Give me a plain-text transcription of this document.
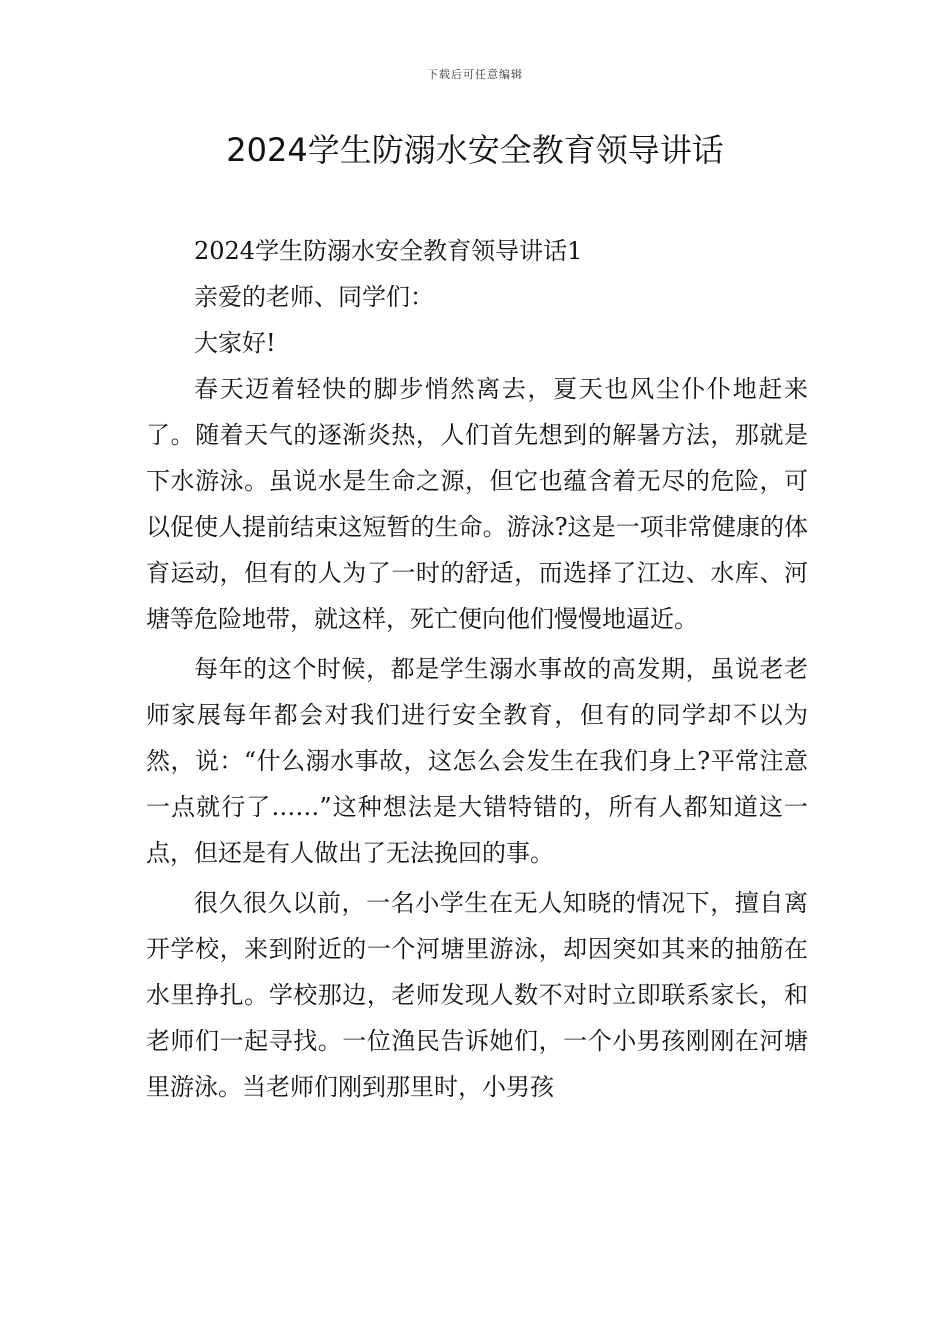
下载后可任意编辑
2024学生防溺水安全教育领导讲话

2024学生防溺水安全教育领导讲话1

亲爱的老师、同学们：

大家好!

春天迈着轻快的脚步悄然离去，夏天也风尘仆仆地赶来了。随着天气的逐渐炎热，人们首先想到的解暑方法，那就是下水游泳。虽说水是生命之源，但它也蕴含着无尽的危险，可以促使人提前结束这短暂的生命。游泳?这是一项非常健康的体育运动，但有的人为了一时的舒适，而选择了江边、水库、河塘等危险地带，就这样，死亡便向他们慢慢地逼近。

每年的这个时候，都是学生溺水事故的高发期，虽说老老师家展每年都会对我们进行安全教育，但有的同学却不以为然，说：“什么溺水事故，这怎么会发生在我们身上?平常注意一点就行了……”这种想法是大错特错的，所有人都知道这一点，但还是有人做出了无法挽回的事。

很久很久以前，一名小学生在无人知晓的情况下，擅自离开学校，来到附近的一个河塘里游泳，却因突如其来的抽筋在水里挣扎。学校那边，老师发现人数不对时立即联系家长，和老师们一起寻找。一位渔民告诉她们，一个小男孩刚刚在河塘里游泳。当老师们刚到那里时，小男孩
